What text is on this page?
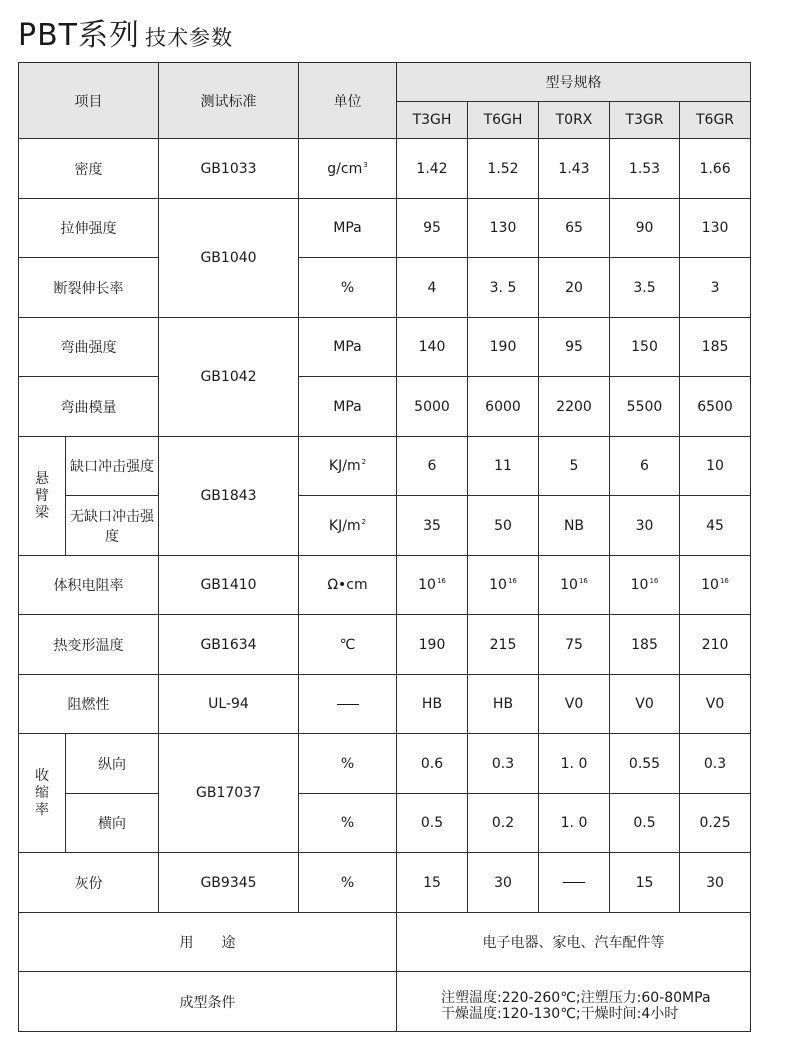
PBT系列 技术参数
项目		测试标准	单位	型号规格				
				T3GH	T6GH	T0RX	T3GR	T6GR
密度		GB1033	$g/cm^3$	1.42	1.52	1.43	1.53	1.66
拉伸强度		GB1040	MPa	95	130	65	90	130
断裂伸长率			%	4	3. 5	20	3.5	3
弯曲强度		GB1042	MPa	140	190	95	150	185
弯曲模量			MPa	5000	6000	2200	5500	6500
悬
臂
梁	缺口冲击强度	GB1843	$KJ/m^2$	6	11	5	6	10
	无缺口冲击强度		$KJ/m^2$	35	50	NB	30	45
体积电阻率		GB1410	Ω•cm	$10^{16}$	$10^{16}$	$10^{16}$	$10^{16}$	$10^{16}$
热变形温度		GB1634	℃	190	215	75	185	210
阻燃性		UL-94		HB	HB	V0	V0	V0
收
缩
率	纵向	GB17037	%	0.6	0.3	1. 0	0.55	0.3
	横向		%	0.5	0.2	1. 0	0.5	0.25
灰份		GB9345	%	15	30		15	30
用　　途				电子电器、家电、汽车配件等				
成型条件				注塑温度:220-260℃;注塑压力:60-80MPa
干燥温度:120-130℃;干燥时间:4小时				
